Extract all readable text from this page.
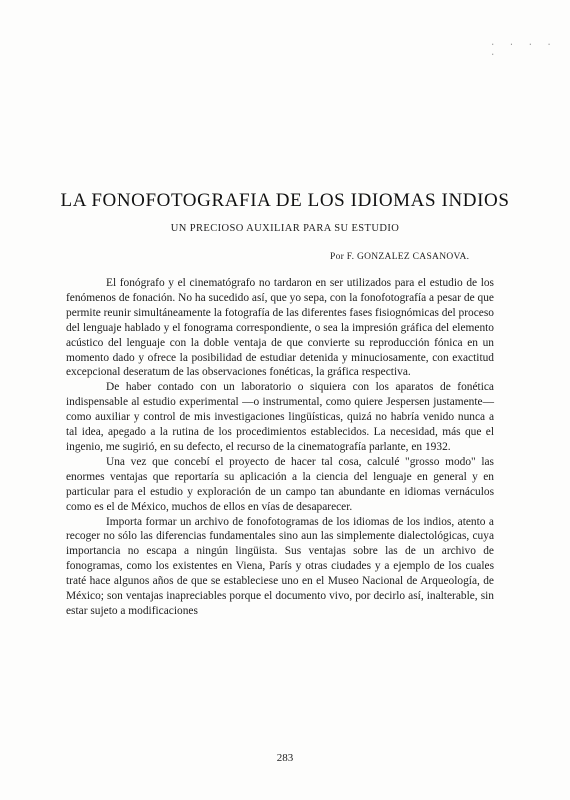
· · · · ·
LA FONOFOTOGRAFIA DE LOS IDIOMAS INDIOS
UN PRECIOSO AUXILIAR PARA SU ESTUDIO
Por F. GONZALEZ CASANOVA.

El fonógrafo y el cinematógrafo no tardaron en ser utilizados para el estudio de los fenómenos de fonación. No ha sucedido así, que yo sepa, con la fonofotografía a pesar de que permite reunir simultáneamente la fotografía de las diferentes fases fisiognómicas del proceso del lenguaje hablado y el fonograma correspondiente, o sea la impresión gráfica del elemento acústico del lenguaje con la doble ventaja de que convierte su reproducción fónica en un momento dado y ofrece la posibilidad de estudiar detenida y minuciosamente, con exactitud excepcional deseratum de las observaciones fonéticas, la gráfica respectiva.

De haber contado con un laboratorio o siquiera con los aparatos de fonética indispensable al estudio experimental —o instrumental, como quiere Jespersen justamente— como auxiliar y control de mis investigaciones lingüísticas, quizá no habría venido nunca a tal idea, apegado a la rutina de los procedimientos establecidos. La necesidad, más que el ingenio, me sugirió, en su defecto, el recurso de la cinematografía parlante, en 1932.

Una vez que concebí el proyecto de hacer tal cosa, calculé "grosso modo" las enormes ventajas que reportaría su aplicación a la ciencia del lenguaje en general y en particular para el estudio y exploración de un campo tan abundante en idiomas vernáculos como es el de México, muchos de ellos en vías de desaparecer.

Importa formar un archivo de fonofotogramas de los idiomas de los indios, atento a recoger no sólo las diferencias fundamentales sino aun las simplemente dialectológicas, cuya importancia no escapa a ningún lingüista. Sus ventajas sobre las de un archivo de fonogramas, como los existentes en Viena, París y otras ciudades y a ejemplo de los cuales traté hace algunos años de que se estableciese uno en el Museo Nacional de Arqueología, de México; son ventajas inapreciables porque el documento vivo, por decirlo así, inalterable, sin estar sujeto a modificaciones

283
